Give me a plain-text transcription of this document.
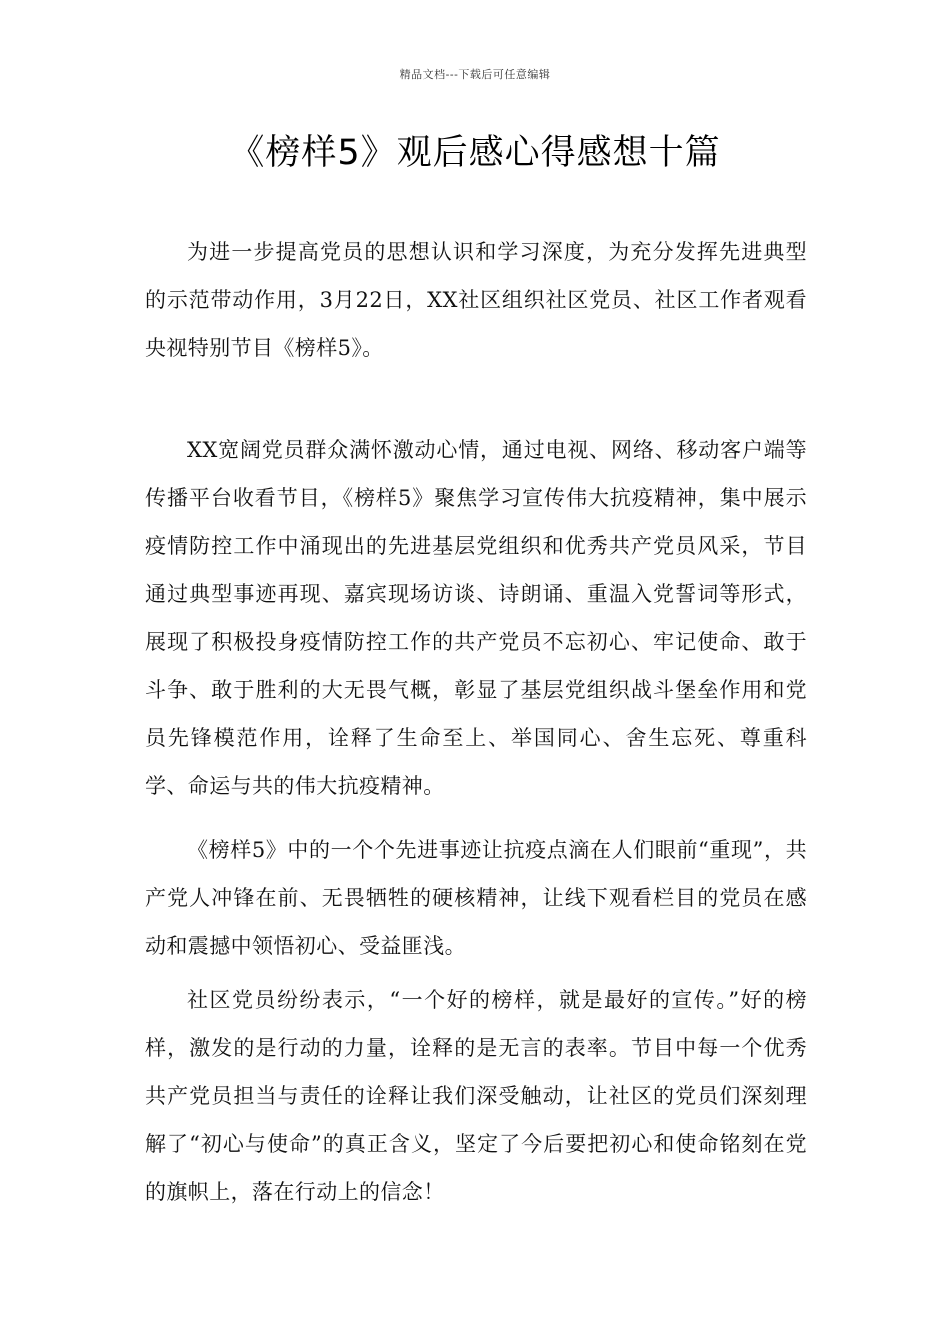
精品文档---下载后可任意编辑
《榜样5》观后感心得感想十篇

为进一步提高党员的思想认识和学习深度，为充分发挥先进典型的示范带动作用，3月22日，XX社区组织社区党员、社区工作者观看央视特别节目《榜样5》。

XX宽阔党员群众满怀激动心情，通过电视、网络、移动客户端等传播平台收看节目，《榜样5》聚焦学习宣传伟大抗疫精神，集中展示疫情防控工作中涌现出的先进基层党组织和优秀共产党员风采，节目通过典型事迹再现、嘉宾现场访谈、诗朗诵、重温入党誓词等形式，展现了积极投身疫情防控工作的共产党员不忘初心、牢记使命、敢于斗争、敢于胜利的大无畏气概，彰显了基层党组织战斗堡垒作用和党员先锋模范作用，诠释了生命至上、举国同心、舍生忘死、尊重科学、命运与共的伟大抗疫精神。

《榜样5》中的一个个先进事迹让抗疫点滴在人们眼前“重现”，共产党人冲锋在前、无畏牺牲的硬核精神，让线下观看栏目的党员在感动和震撼中领悟初心、受益匪浅。

社区党员纷纷表示，“一个好的榜样，就是最好的宣传。”好的榜样，激发的是行动的力量，诠释的是无言的表率。节目中每一个优秀共产党员担当与责任的诠释让我们深受触动，让社区的党员们深刻理解了“初心与使命”的真正含义，坚定了今后要把初心和使命铭刻在党的旗帜上，落在行动上的信念！
